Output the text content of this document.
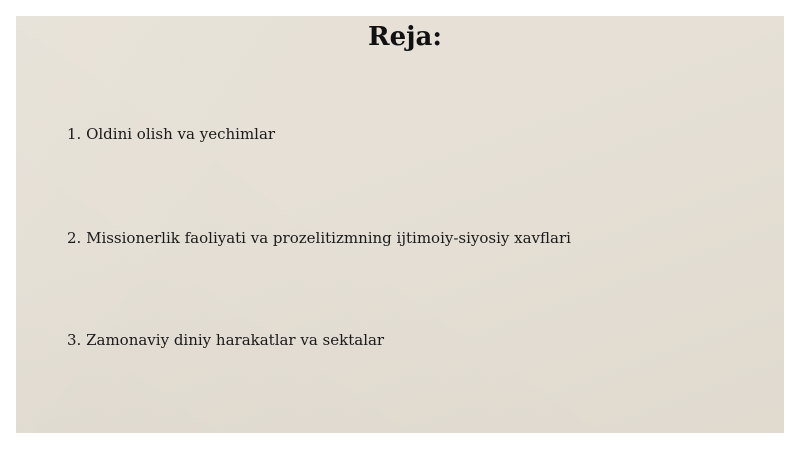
Reja:
1. Oldini olish va yechimlar
2. Missionerlik faoliyati va prozelitizmning ijtimoiy-siyosiy xavflari
3. Zamonaviy diniy harakatlar va sektalar
